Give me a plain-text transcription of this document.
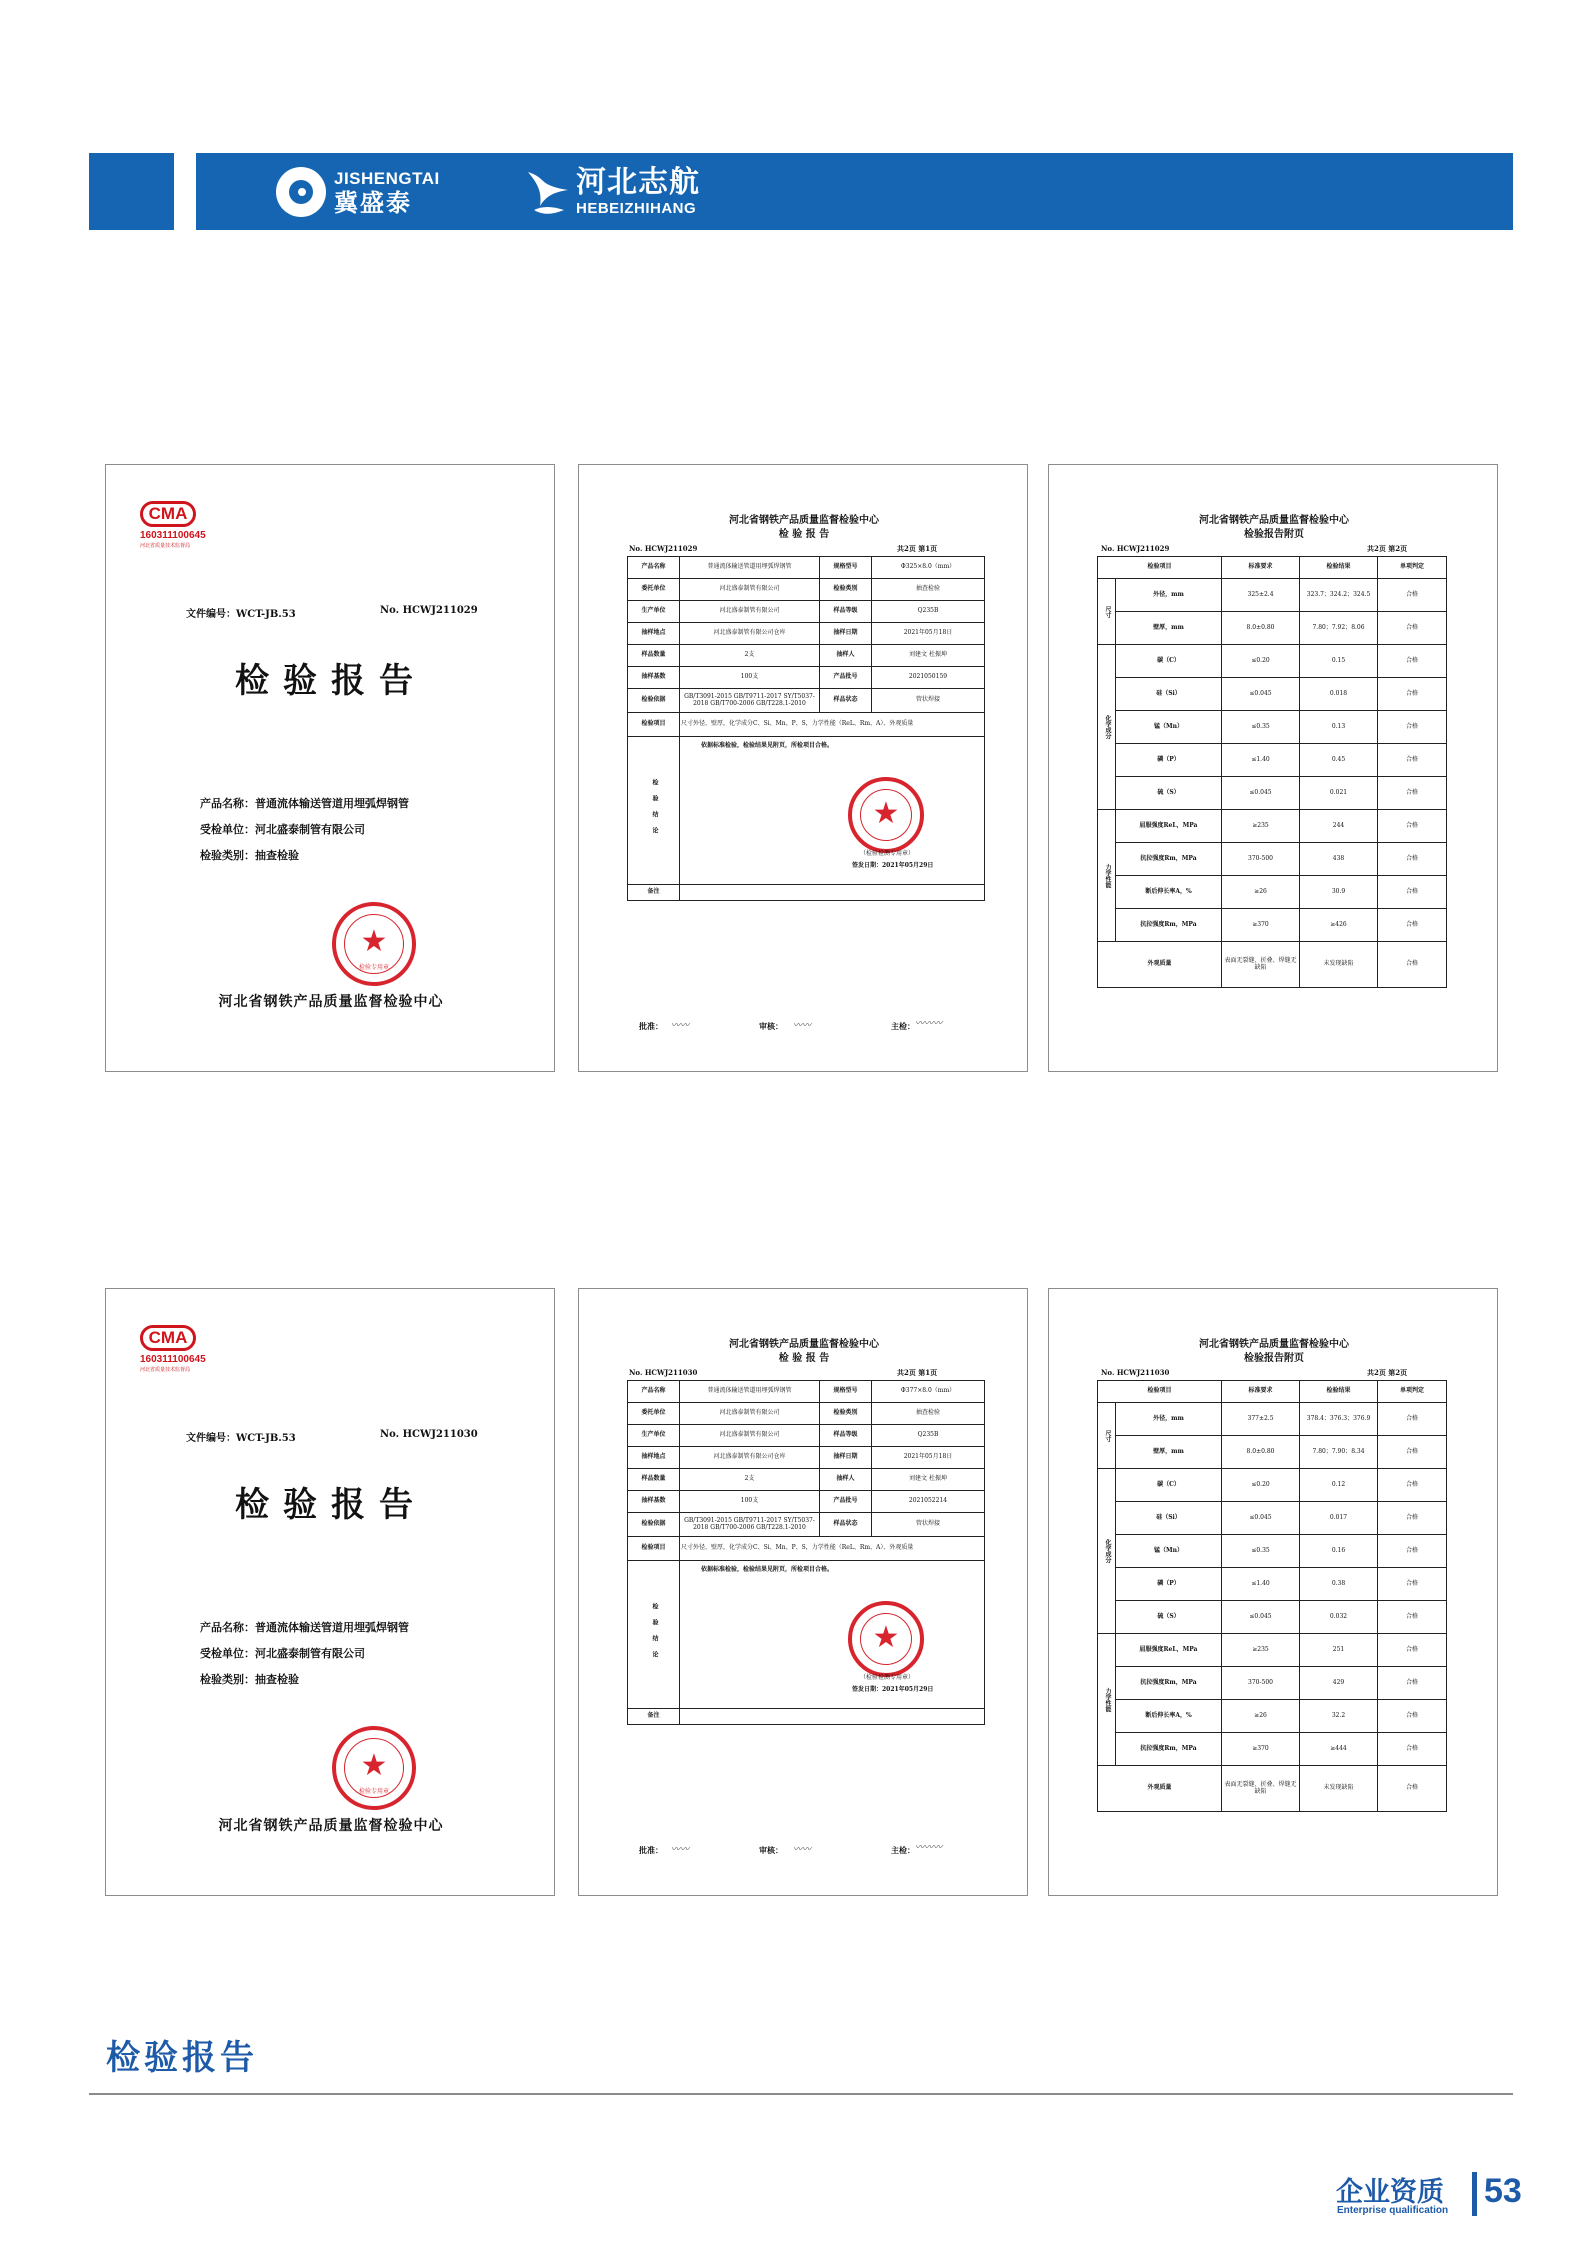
JISHENGTAI
冀盛泰
河北志航
HEBEIZHIHANG
CMA
160311100645
河北省质量技术监督局
文件编号：WCT-JB.53	No. HCWJ211029
检验报告
产品名称：普通流体输送管道用埋弧焊钢管
受检单位：河北盛泰制管有限公司
检验类别：抽查检验
★
检验专用章
河北省钢铁产品质量监督检验中心
河北省钢铁产品质量监督检验中心
检 验 报 告
No. HCWJ211029	共2页 第1页
产品名称	普通流体输送管道用埋弧焊钢管	规格型号	Φ325×8.0（mm）
委托单位	河北盛泰制管有限公司	检验类别	抽查检验
生产单位	河北盛泰制管有限公司	样品等级	Q235B
抽样地点	河北盛泰制管有限公司仓库	抽样日期	2021年05月18日
样品数量	2支	抽样人	刘建文 杜振坤
抽样基数	100支	产品批号	2021050159
检验依据	GB/T3091-2015 GB/T9711-2017 SY/T5037-2018 GB/T700-2006 GB/T228.1-2010	样品状态	管状焊接
检验项目	尺寸外径、壁厚，化学成分C、Si、Mn、P、S，力学性能（ReL、Rm、A）、外观质量		
检验结论	依据标准检验，检验结果见附页，所检项目合格。
★
（检验检测专用章）
签发日期：2021年05月29日		

备注			
批准：	审核：	主检：
〰〰	〰〰	〰〰〰
河北省钢铁产品质量监督检验中心
检验报告附页
No. HCWJ211029	共2页 第2页
检验项目		标准要求	检验结果	单项判定
尺寸	外径，mm	325±2.4	323.7；324.2；324.5	合格
	壁厚，mm	8.0±0.80	7.80；7.92；8.06	合格
化学成分	碳（C）	≤0.20	0.15	合格
	硅（Si）	≤0.045	0.018	合格
	锰（Mn）	≤0.35	0.13	合格
	磷（P）	≤1.40	0.45	合格
	硫（S）	≤0.045	0.021	合格
力学性能	屈服强度ReL，MPa	≥235	244	合格
	抗拉强度Rm，MPa	370-500	438	合格
	断后伸长率A，%	≥26	30.9	合格
	抗拉强度Rm，MPa	≥370	≥426	合格
外观质量		表面无裂缝、折叠、焊缝无缺陷	未发现缺陷	合格
CMA
160311100645
河北省质量技术监督局
文件编号：WCT-JB.53	No. HCWJ211030
检验报告
产品名称：普通流体输送管道用埋弧焊钢管
受检单位：河北盛泰制管有限公司
检验类别：抽查检验
★
检验专用章
河北省钢铁产品质量监督检验中心
河北省钢铁产品质量监督检验中心
检 验 报 告
No. HCWJ211030	共2页 第1页
产品名称	普通流体输送管道用埋弧焊钢管	规格型号	Φ377×8.0（mm）
委托单位	河北盛泰制管有限公司	检验类别	抽查检验
生产单位	河北盛泰制管有限公司	样品等级	Q235B
抽样地点	河北盛泰制管有限公司仓库	抽样日期	2021年05月18日
样品数量	2支	抽样人	刘建文 杜振坤
抽样基数	100支	产品批号	2021052214
检验依据	GB/T3091-2015 GB/T9711-2017 SY/T5037-2018 GB/T700-2006 GB/T228.1-2010	样品状态	管状焊接
检验项目	尺寸外径、壁厚，化学成分C、Si、Mn、P、S，力学性能（ReL、Rm、A）、外观质量		
检验结论	依据标准检验，检验结果见附页，所检项目合格。
★
（检验检测专用章）
签发日期：2021年05月29日		

备注			
批准：	审核：	主检：
〰〰	〰〰	〰〰〰
河北省钢铁产品质量监督检验中心
检验报告附页
No. HCWJ211030	共2页 第2页
检验项目		标准要求	检验结果	单项判定
尺寸	外径，mm	377±2.5	378.4；376.3；376.9	合格
	壁厚，mm	8.0±0.80	7.80；7.90；8.34	合格
化学成分	碳（C）	≤0.20	0.12	合格
	硅（Si）	≤0.045	0.017	合格
	锰（Mn）	≤0.35	0.16	合格
	磷（P）	≤1.40	0.38	合格
	硫（S）	≤0.045	0.032	合格
力学性能	屈服强度ReL，MPa	≥235	251	合格
	抗拉强度Rm，MPa	370-500	429	合格
	断后伸长率A，%	≥26	32.2	合格
	抗拉强度Rm，MPa	≥370	≥444	合格
外观质量		表面无裂缝、折叠、焊缝无缺陷	未发现缺陷	合格
检验报告
企业资质
Enterprise qualification
53
